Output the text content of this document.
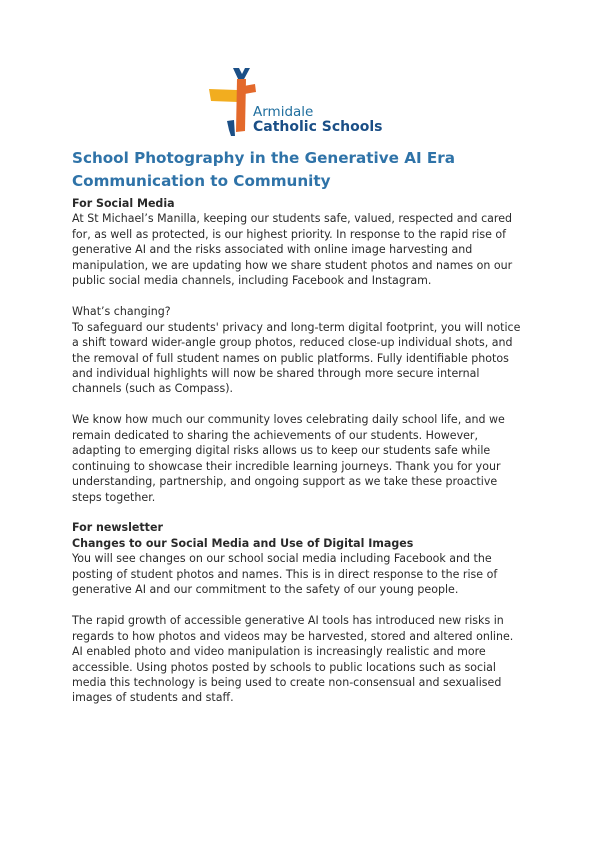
Armidale
Catholic Schools
School Photography in the Generative AI Era
Communication to Community

For Social Media

At St Michael’s Manilla, keeping our students safe, valued, respected and cared

for, as well as protected, is our highest priority. In response to the rapid rise of

generative AI and the risks associated with online image harvesting and

manipulation, we are updating how we share student photos and names on our

public social media channels, including Facebook and Instagram.

What’s changing?

To safeguard our students' privacy and long-term digital footprint, you will notice

a shift toward wider-angle group photos, reduced close-up individual shots, and

the removal of full student names on public platforms. Fully identifiable photos

and individual highlights will now be shared through more secure internal

channels (such as Compass).

We know how much our community loves celebrating daily school life, and we

remain dedicated to sharing the achievements of our students. However,

adapting to emerging digital risks allows us to keep our students safe while

continuing to showcase their incredible learning journeys. Thank you for your

understanding, partnership, and ongoing support as we take these proactive

steps together.

For newsletter

Changes to our Social Media and Use of Digital Images

You will see changes on our school social media including Facebook and the

posting of student photos and names. This is in direct response to the rise of

generative AI and our commitment to the safety of our young people.

The rapid growth of accessible generative AI tools has introduced new risks in

regards to how photos and videos may be harvested, stored and altered online.

AI enabled photo and video manipulation is increasingly realistic and more

accessible. Using photos posted by schools to public locations such as social

media this technology is being used to create non-consensual and sexualised

images of students and staff.
